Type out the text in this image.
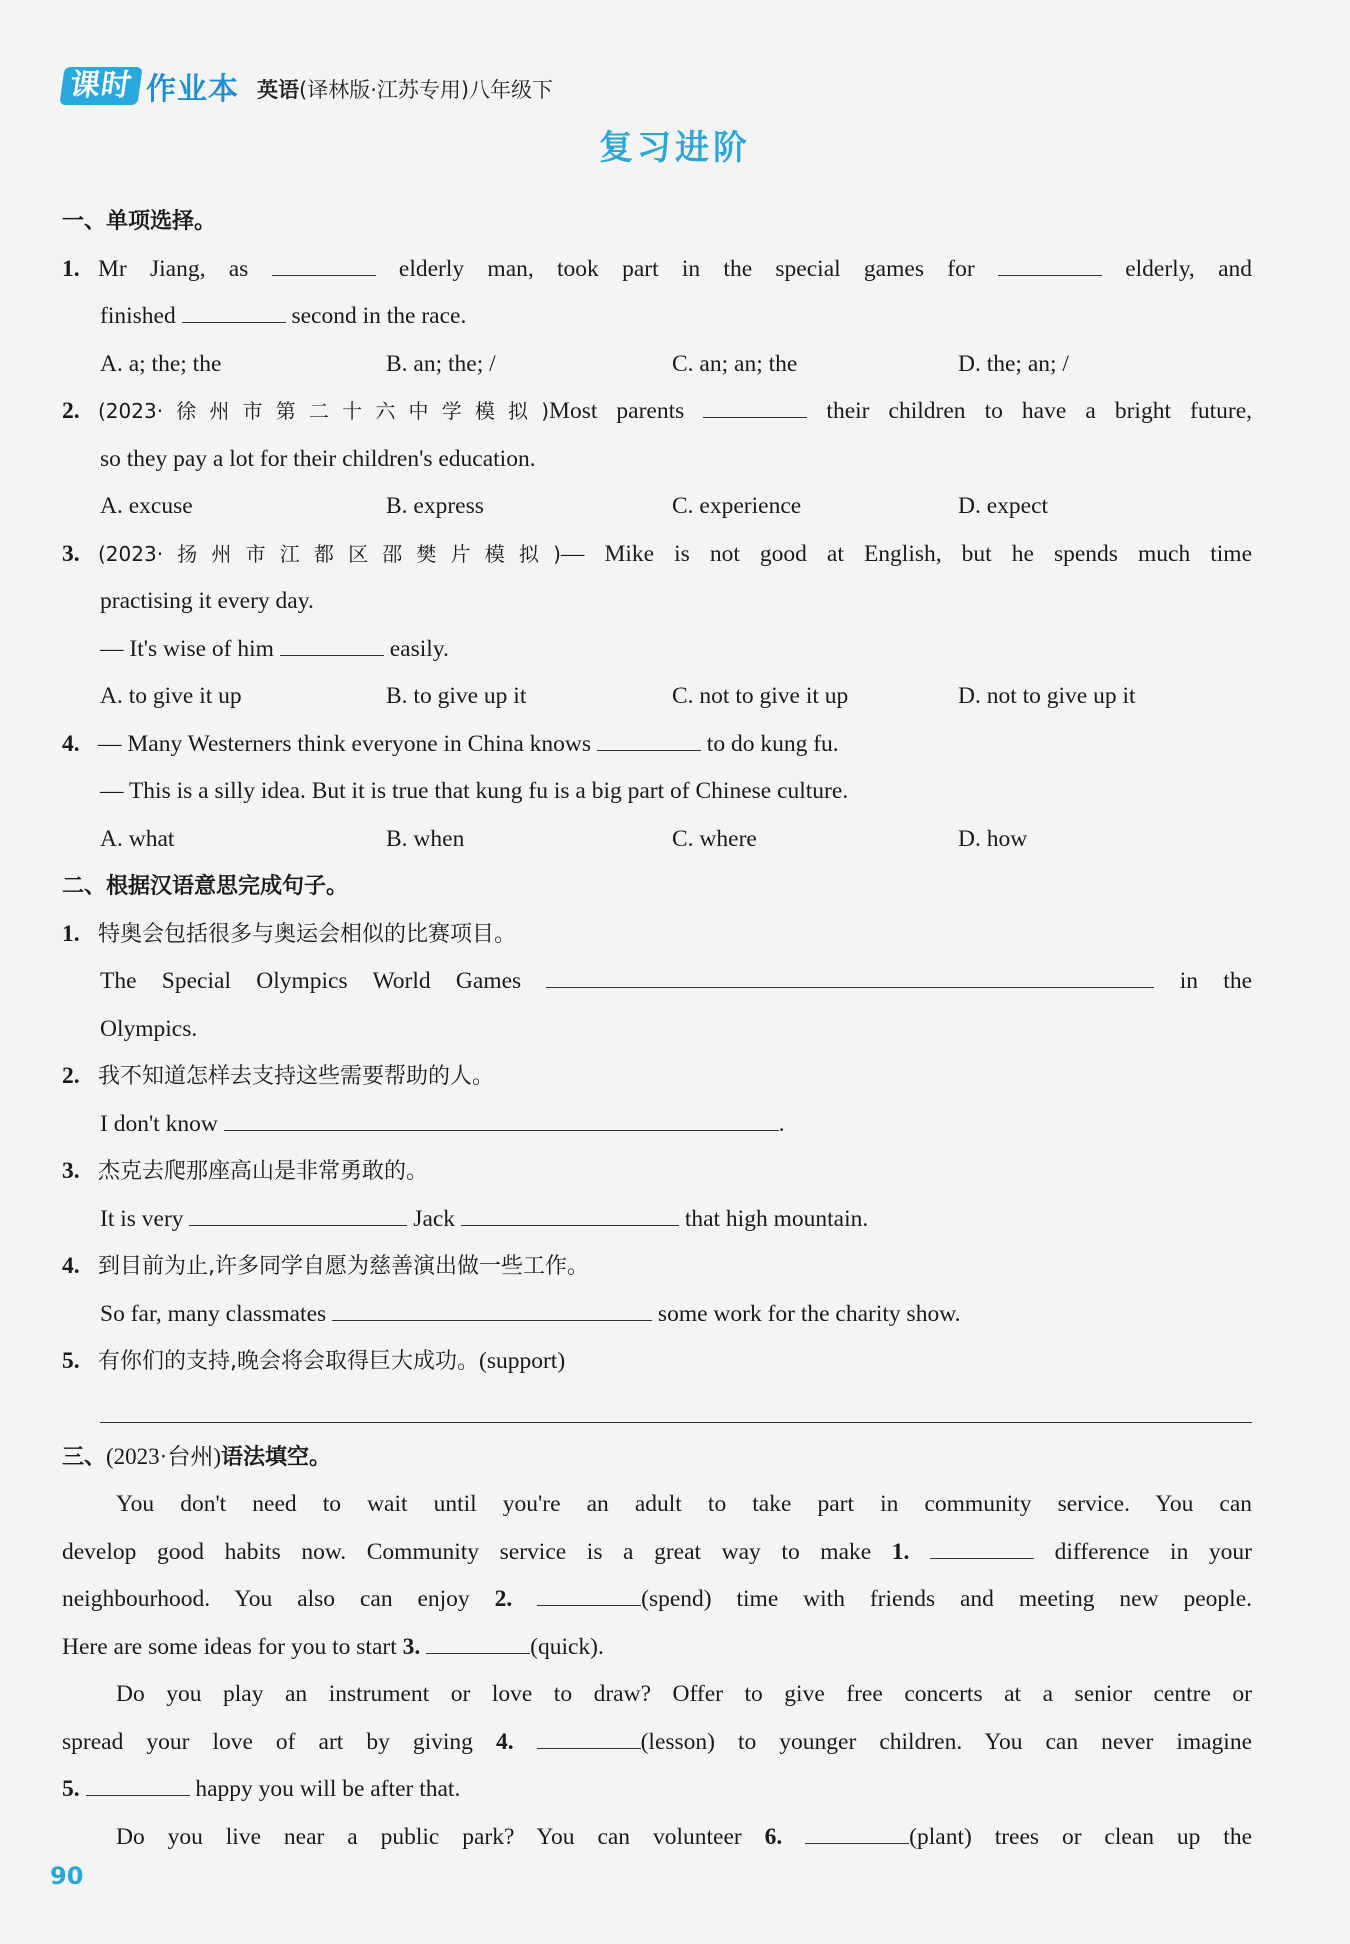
课时 作业本 英语(译林版·江苏专用)八年级下
复习进阶
一、单项选择。
1. Mr Jiang, as	elderly man, took part in the special games for	elderly, and
finished	second in the race.
A. a; the; the	B. an; the; /	C. an; an; the	D. the; an; /
2. (2023·徐州市第二十六中学模拟)Most parents	their children to have a bright future,
so they pay a lot for their children's education.
A. excuse	B. express	C. experience	D. expect
3. (2023·扬州市江都区邵樊片模拟)— Mike is not good at English, but he spends much time
practising it every day.
— It's wise of him	easily.
A. to give it up	B. to give up it	C. not to give it up	D. not to give up it
4. — Many Westerners think everyone in China knows	to do kung fu.
— This is a silly idea. But it is true that kung fu is a big part of Chinese culture.
A. what	B. when	C. where	D. how
二、根据汉语意思完成句子。
1. 特奥会包括很多与奥运会相似的比赛项目。
The Special Olympics World Games	in the
Olympics.
2. 我不知道怎样去支持这些需要帮助的人。
I don't know	.
3. 杰克去爬那座高山是非常勇敢的。
It is very	Jack	that high mountain.
4. 到目前为止,许多同学自愿为慈善演出做一些工作。
So far, many classmates	some work for the charity show.
5. 有你们的支持,晚会将会取得巨大成功。(support)
三、(2023·台州)语法填空。
You don't need to wait until you're an adult to take part in community service. You can
develop good habits now. Community service is a great way to make 1.	difference in your
neighbourhood. You also can enjoy 2.	(spend) time with friends and meeting new people.
Here are some ideas for you to start 3.	(quick).
Do you play an instrument or love to draw? Offer to give free concerts at a senior centre or
spread your love of art by giving 4.	(lesson) to younger children. You can never imagine
5.	happy you will be after that.
Do you live near a public park? You can volunteer 6.	(plant) trees or clean up the
90
